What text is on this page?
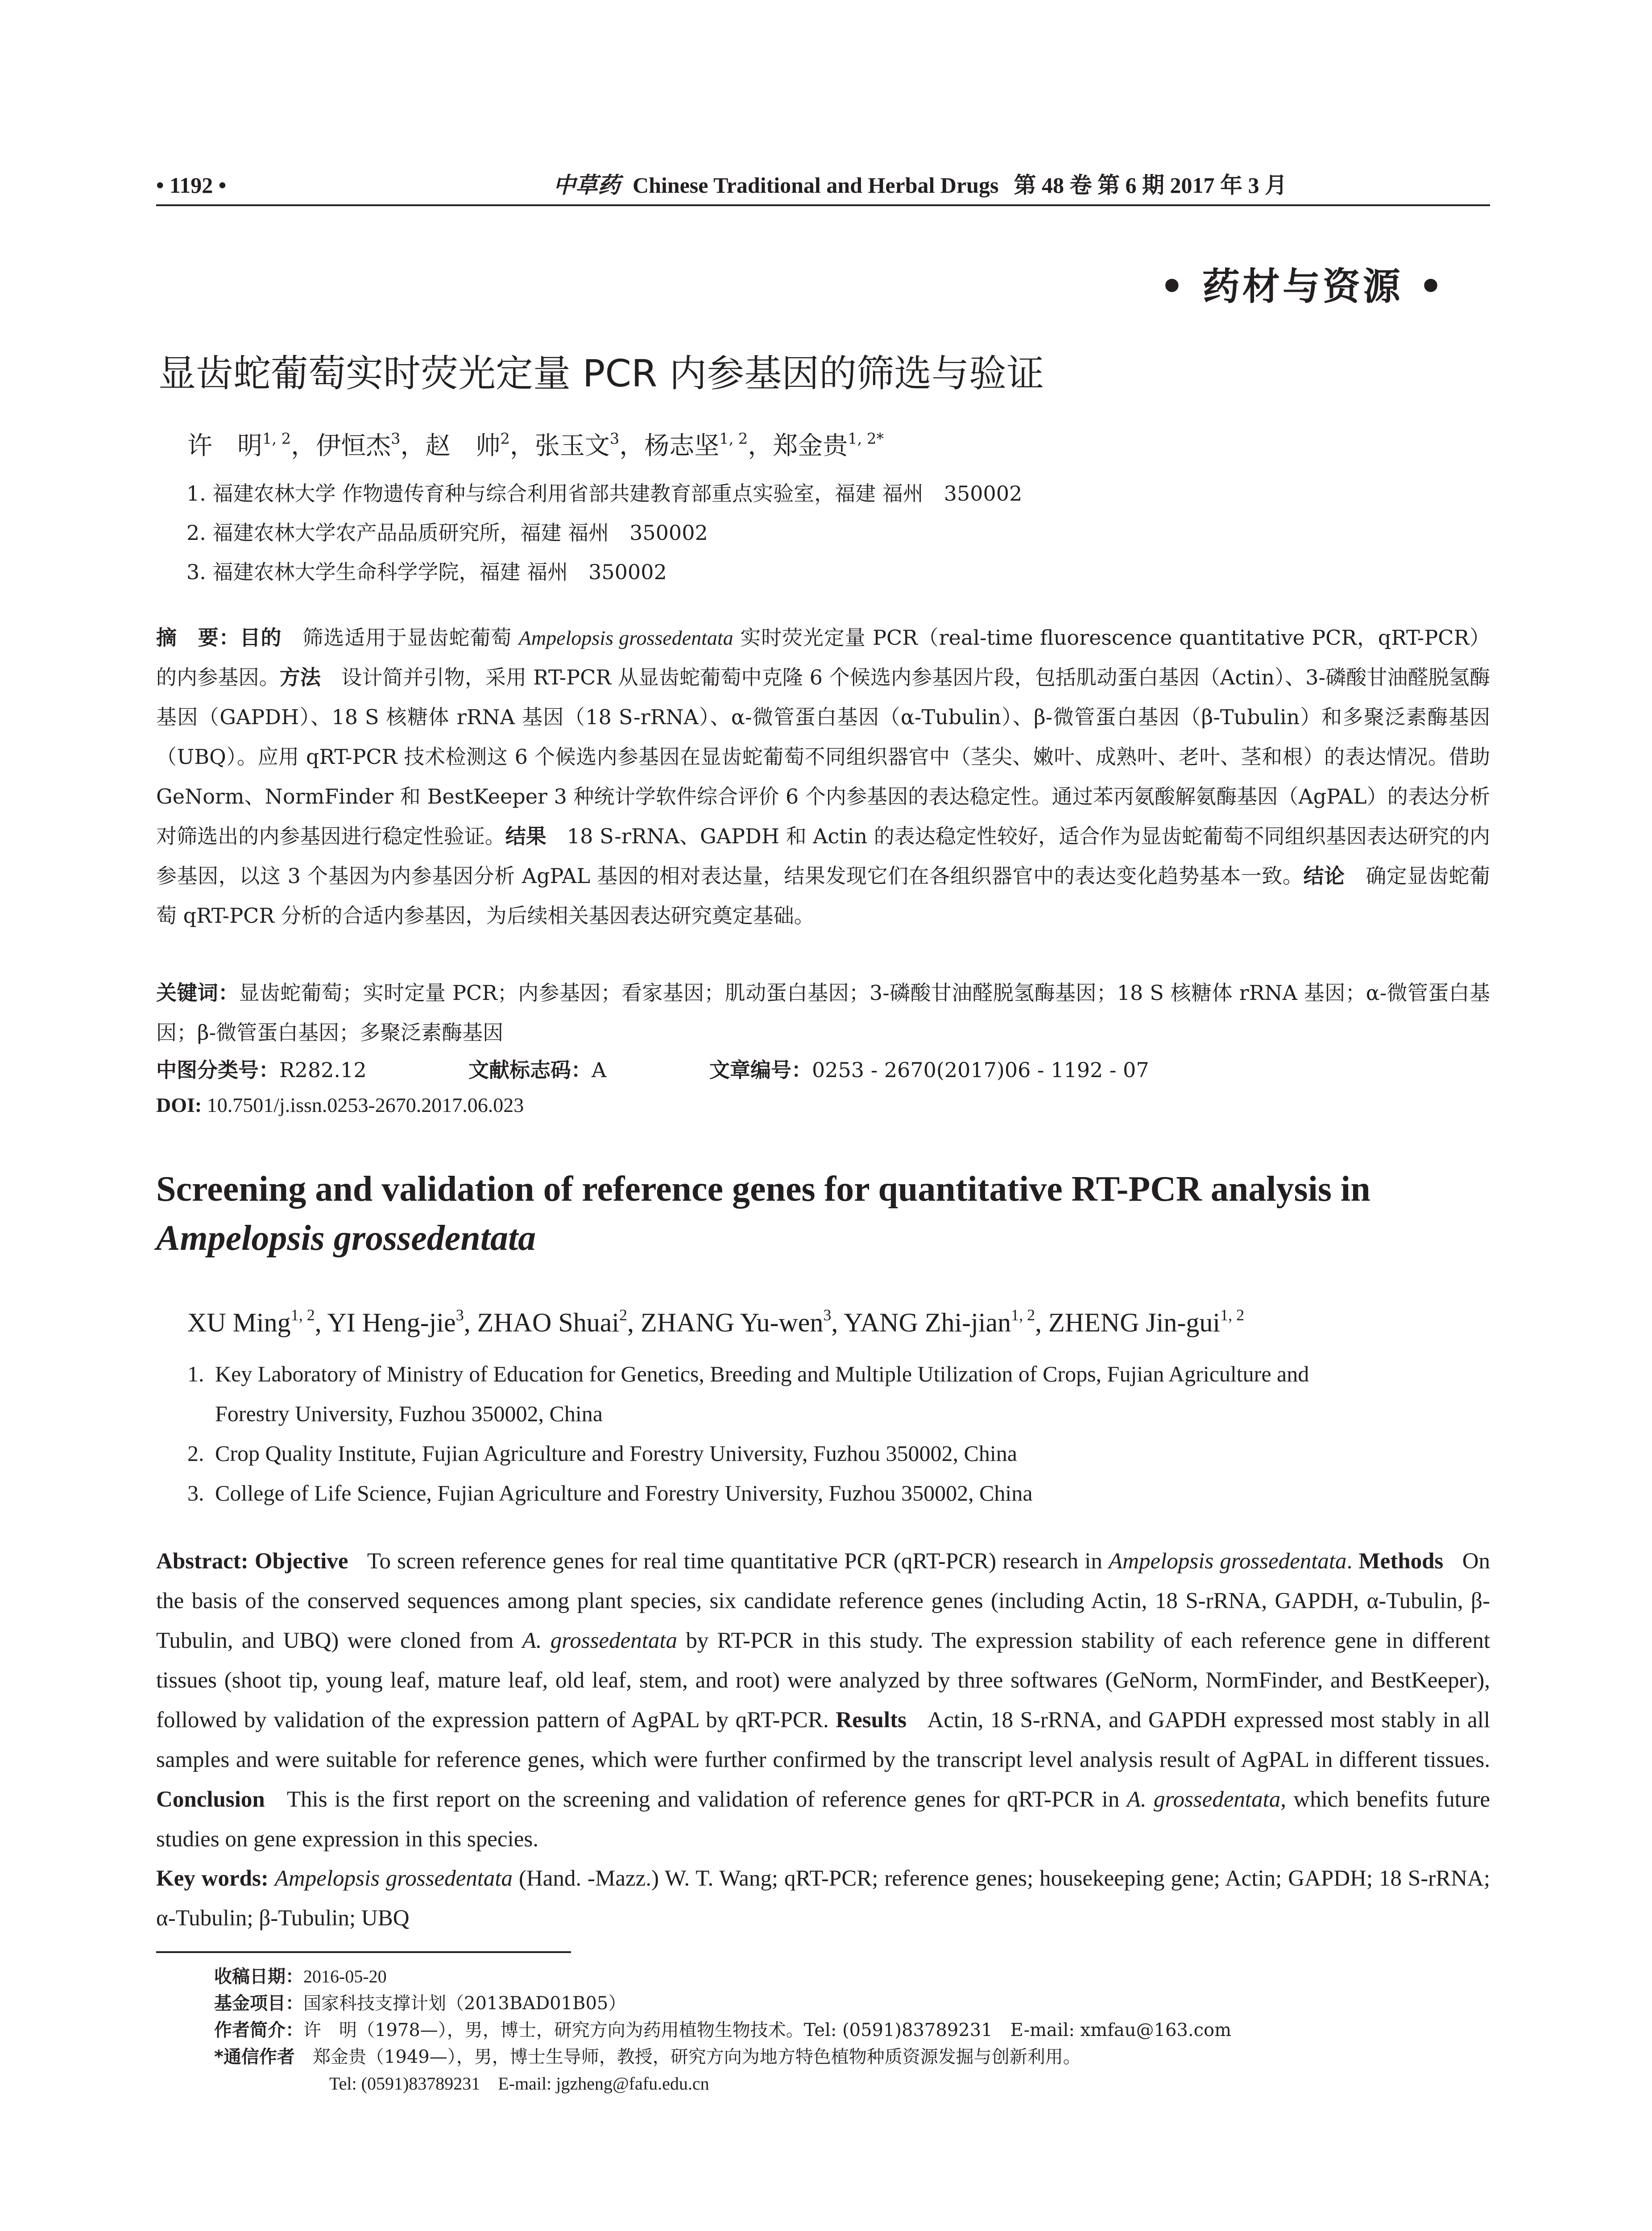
• 1192 •	中草药 Chinese Traditional and Herbal Drugs 第 48 卷 第 6 期 2017 年 3 月
• 药材与资源 •
显齿蛇葡萄实时荧光定量 PCR 内参基因的筛选与验证
许　明$^{1, 2}$，伊恒杰$^3$，赵　帅$^2$，张玉文$^3$，杨志坚$^{1, 2}$，郑金贵$^{1, 2*}$
1. 福建农林大学 作物遗传育种与综合利用省部共建教育部重点实验室，福建 福州　350002
2. 福建农林大学农产品品质研究所，福建 福州　350002
3. 福建农林大学生命科学学院，福建 福州　350002
摘　要：目的　 筛选适用于显齿蛇葡萄 Ampelopsis grossedentata 实时荧光定量 PCR（real-time fluorescence quantitative PCR，qRT-PCR）的内参基因。方法　 设计简并引物，采用 RT-PCR 从显齿蛇葡萄中克隆 6 个候选内参基因片段，包括肌动蛋白基因（Actin）、3-磷酸甘油醛脱氢酶基因（GAPDH）、18 S 核糖体 rRNA 基因（18 S-rRNA）、α-微管蛋白基因（α-Tubulin）、β-微管蛋白基因（β-Tubulin）和多聚泛素酶基因（UBQ）。应用 qRT-PCR 技术检测这 6 个候选内参基因在显齿蛇葡萄不同组织器官中（茎尖、嫩叶、成熟叶、老叶、茎和根）的表达情况。借助 GeNorm、NormFinder 和 BestKeeper 3 种统计学软件综合评价 6 个内参基因的表达稳定性。通过苯丙氨酸解氨酶基因（AgPAL）的表达分析对筛选出的内参基因进行稳定性验证。结果　 18 S-rRNA、GAPDH 和 Actin 的表达稳定性较好，适合作为显齿蛇葡萄不同组织基因表达研究的内参基因，以这 3 个基因为内参基因分析 AgPAL 基因的相对表达量，结果发现它们在各组织器官中的表达变化趋势基本一致。结论　 确定显齿蛇葡萄 qRT-PCR 分析的合适内参基因，为后续相关基因表达研究奠定基础。
关键词：显齿蛇葡萄；实时定量 PCR；内参基因；看家基因；肌动蛋白基因；3-磷酸甘油醛脱氢酶基因；18 S 核糖体 rRNA 基因；α-微管蛋白基因；β-微管蛋白基因；多聚泛素酶基因
中图分类号：R282.12	文献标志码：A	文章编号：0253 - 2670(2017)06 - 1192 - 07
DOI: 10.7501/j.issn.0253-2670.2017.06.023
Screening and validation of reference genes for quantitative RT-PCR analysis in
Ampelopsis grossedentata
XU Ming$^{1, 2}$, YI Heng-jie$^3$, ZHAO Shuai$^2$, ZHANG Yu-wen$^3$, YANG Zhi-jian$^{1, 2}$, ZHENG Jin-gui$^{1, 2}$
1. Key Laboratory of Ministry of Education for Genetics, Breeding and Multiple Utilization of Crops, Fujian Agriculture and
Forestry University, Fuzhou 350002, China
2. Crop Quality Institute, Fujian Agriculture and Forestry University, Fuzhou 350002, China
3. College of Life Science, Fujian Agriculture and Forestry University, Fuzhou 350002, China
Abstract: Objective To screen reference genes for real time quantitative PCR (qRT-PCR) research in Ampelopsis grossedentata. Methods On the basis of the conserved sequences among plant species, six candidate reference genes (including Actin, 18 S-rRNA, GAPDH, α-Tubulin, β-Tubulin, and UBQ) were cloned from A. grossedentata by RT-PCR in this study. The expression stability of each reference gene in different tissues (shoot tip, young leaf, mature leaf, old leaf, stem, and root) were analyzed by three softwares (GeNorm, NormFinder, and BestKeeper), followed by validation of the expression pattern of AgPAL by qRT-PCR. Results Actin, 18 S-rRNA, and GAPDH expressed most stably in all samples and were suitable for reference genes, which were further confirmed by the transcript level analysis result of AgPAL in different tissues. Conclusion This is the first report on the screening and validation of reference genes for qRT-PCR in A. grossedentata, which benefits future studies on gene expression in this species.
Key words: Ampelopsis grossedentata (Hand. -Mazz.) W. T. Wang; qRT-PCR; reference genes; housekeeping gene; Actin; GAPDH; 18 S-rRNA; α-Tubulin; β-Tubulin; UBQ
收稿日期：2016-05-20
基金项目：国家科技支撑计划（2013BAD01B05）
作者简介：许　明（1978—），男，博士，研究方向为药用植物生物技术。Tel: (0591)83789231　E-mail: xmfau@163.com
*通信作者　 郑金贵（1949—），男，博士生导师，教授，研究方向为地方特色植物种质资源发掘与创新利用。
Tel: (0591)83789231　E-mail: jgzheng@fafu.edu.cn
